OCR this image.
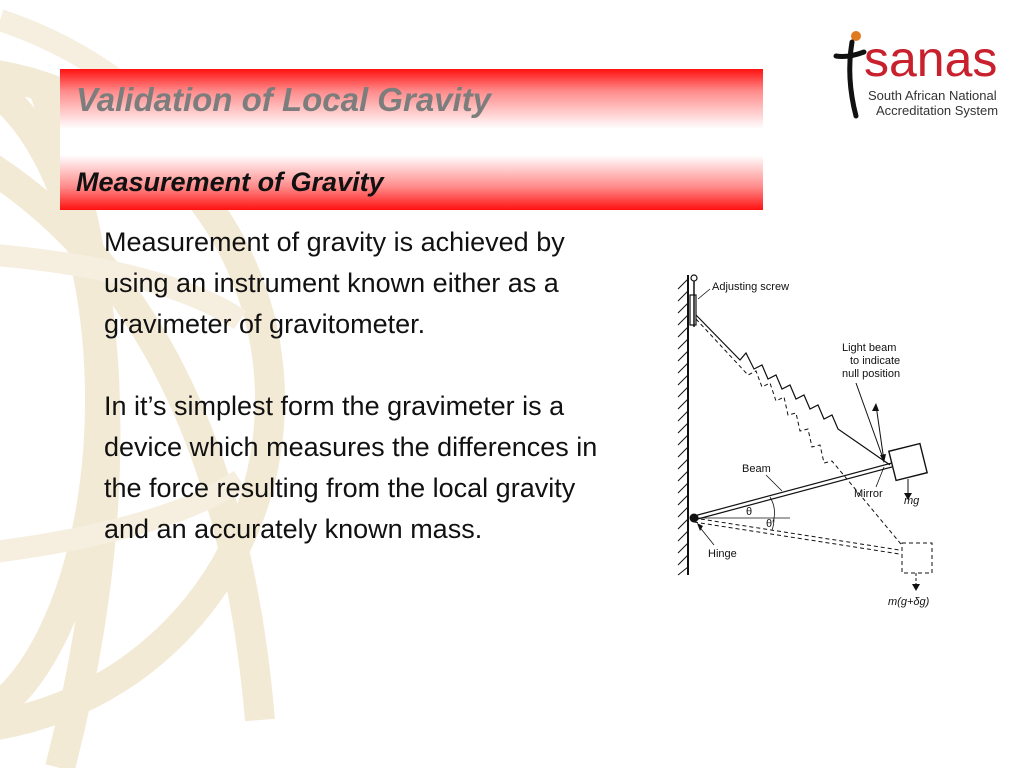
Validation of Local Gravity
Measurement of Gravity
sanas
South African National
Accreditation System

Measurement of gravity is achieved by using an instrument known either as a gravimeter of gravitometer.

In it’s simplest form the gravimeter is a device which measures the differences in the force resulting from the local gravity and an accurately known mass.

Adjusting screw
θ
θ′
mg
m(g+δg)
Light beam
to indicate
null position
Beam
Mirror
Hinge
